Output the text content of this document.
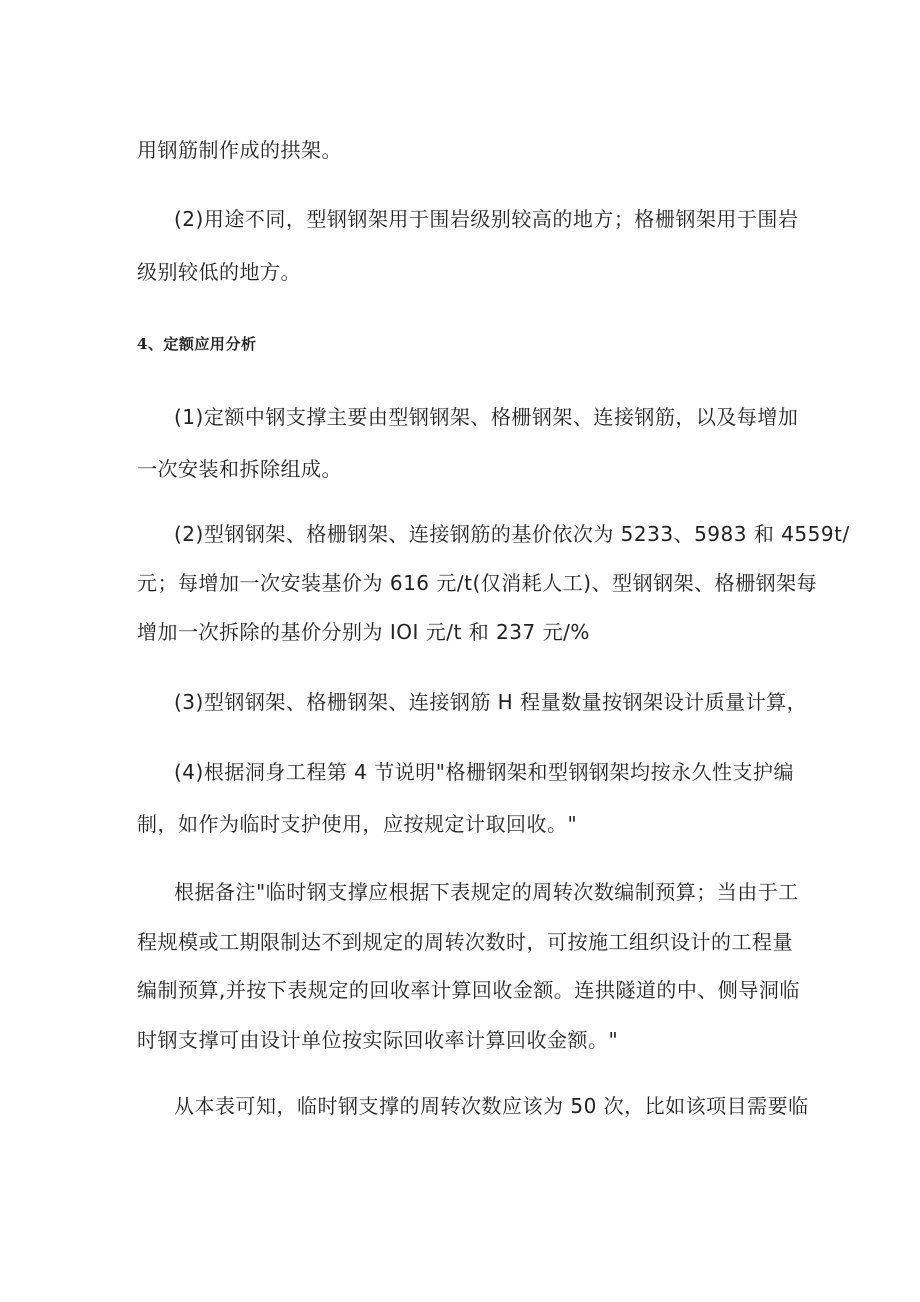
用钢筋制作成的拱架。
(2)用途不同，型钢钢架用于围岩级别较高的地方；格栅钢架用于围岩
级别较低的地方。
4、定额应用分析
(1)定额中钢支撑主要由型钢钢架、格栅钢架、连接钢筋，以及每增加
一次安装和拆除组成。
(2)型钢钢架、格栅钢架、连接钢筋的基价依次为 5233、5983 和 4559t/
元；每增加一次安装基价为 616 元/t(仅消耗人工)、型钢钢架、格栅钢架每
增加一次拆除的基价分别为 IOI 元/t 和 237 元/%
(3)型钢钢架、格栅钢架、连接钢筋 H 程量数量按钢架设计质量计算，
(4)根据洞身工程第 4 节说明"格栅钢架和型钢钢架均按永久性支护编
制，如作为临时支护使用，应按规定计取回收。"
根据备注"临时钢支撑应根据下表规定的周转次数编制预算；当由于工
程规模或工期限制达不到规定的周转次数时，可按施工组织设计的工程量
编制预算,并按下表规定的回收率计算回收金额。连拱隧道的中、侧导洞临
时钢支撑可由设计单位按实际回收率计算回收金额。"
从本表可知，临时钢支撑的周转次数应该为 50 次，比如该项目需要临
